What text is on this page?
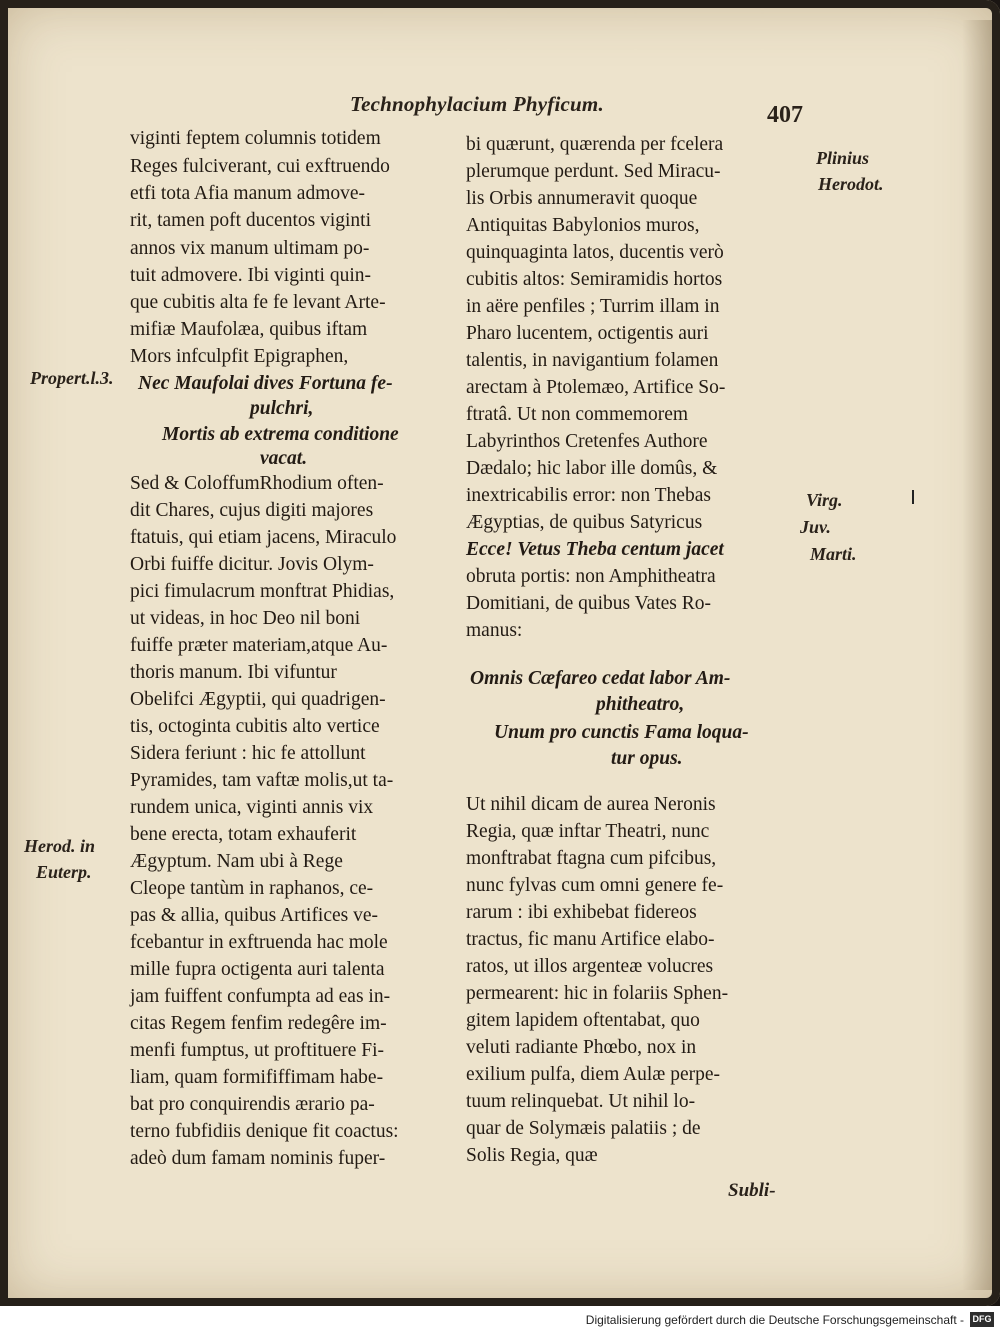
Technophylacium Phyficum.	407
viginti feptem columnis totidem
Reges fulciverant, cui exftruendo
etfi tota Afia manum admove-
rit, tamen poft ducentos viginti
annos vix manum ultimam po-
tuit admovere. Ibi viginti quin-
que cubitis alta fe fe levant Arte-
mifiæ Maufolæa, quibus iftam
Mors infculpfit Epigraphen,
Nec Maufolai dives Fortuna fe-
pulchri,
Mortis ab extrema conditione
vacat.
Sed & ColoffumRhodium often-
dit Chares, cujus digiti majores
ftatuis, qui etiam jacens, Miraculo
Orbi fuiffe dicitur. Jovis Olym-
pici fimulacrum monftrat Phidias,
ut videas, in hoc Deo nil boni
fuiffe præter materiam,atque Au-
thoris manum. Ibi vifuntur
Obelifci Ægyptii, qui quadrigen-
tis, octoginta cubitis alto vertice
Sidera feriunt : hic fe attollunt
Pyramides, tam vaftæ molis,ut ta-
rundem unica, viginti annis vix
bene erecta, totam exhauferit
Ægyptum. Nam ubi à Rege
Cleope tantùm in raphanos, ce-
pas & allia, quibus Artifices ve-
fcebantur in exftruenda hac mole
mille fupra octigenta auri talenta
jam fuiffent confumpta ad eas in-
citas Regem fenfim redegêre im-
menfi fumptus, ut proftituere Fi-
liam, quam formififfimam habe-
bat pro conquirendis ærario pa-
terno fubfidiis denique fit coactus:
adeò dum famam nominis fuper-
bi quærunt, quærenda per fcelera
plerumque perdunt. Sed Miracu-
lis Orbis annumeravit quoque
Antiquitas Babylonios muros,
quinquaginta latos, ducentis verò
cubitis altos: Semiramidis hortos
in aëre penfiles ; Turrim illam in
Pharo lucentem, octigentis auri
talentis, in navigantium folamen
arectam à Ptolemæo, Artifice So-
ftratâ. Ut non commemorem
Labyrinthos Cretenfes Authore
Dædalo; hic labor ille domûs, &
inextricabilis error: non Thebas
Ægyptias, de quibus Satyricus
Ecce! Vetus Theba centum jacet
obruta portis: non Amphitheatra
Domitiani, de quibus Vates Ro-
manus:
Omnis Cæfareo cedat labor Am-
phitheatro,
Unum pro cunctis Fama loqua-
tur opus.
Ut nihil dicam de aurea Neronis
Regia, quæ inftar Theatri, nunc
monftrabat ftagna cum pifcibus,
nunc fylvas cum omni genere fe-
rarum : ibi exhibebat fidereos
tractus, fic manu Artifice elabo-
ratos, ut illos argenteæ volucres
permearent: hic in folariis Sphen-
gitem lapidem oftentabat, quo
veluti radiante Phœbo, nox in
exilium pulfa, diem Aulæ perpe-
tuum relinquebat. Ut nihil lo-
quar de Solymæis palatiis ; de
Solis Regia, quæ
Propert.l.3.
Herod. in
Euterp.
Plinius
Herodot.
Virg.
Juv.
Marti.
Subli-
Digitalisierung gefördert durch die Deutsche Forschungsgemeinschaft - DFG
